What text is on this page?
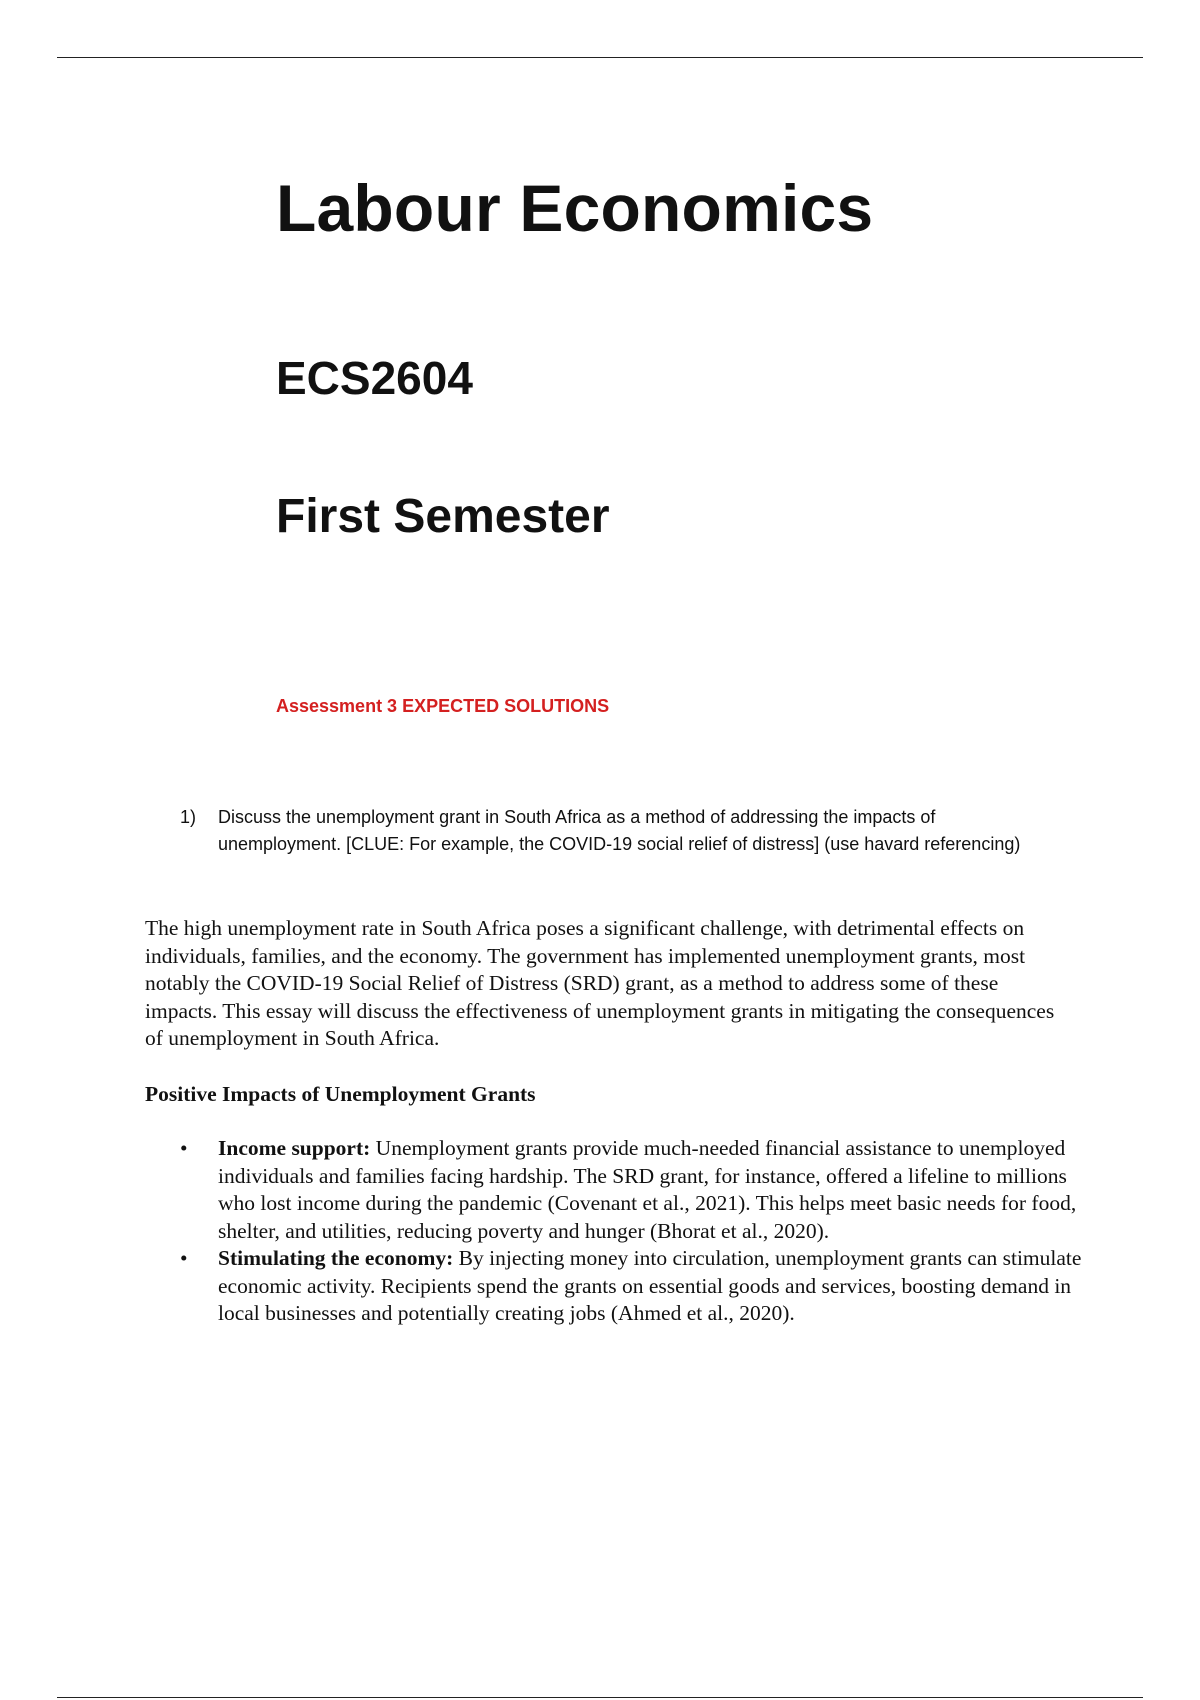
Labour Economics
ECS2604
First Semester

Assessment 3 EXPECTED SOLUTIONS

1) Discuss the unemployment grant in South Africa as a method of addressing the impacts of unemployment. [CLUE: For example, the COVID-19 social relief of distress] (use havard referencing)

The high unemployment rate in South Africa poses a significant challenge, with detrimental effects on individuals, families, and the economy. The government has implemented unemployment grants, most notably the COVID-19 Social Relief of Distress (SRD) grant, as a method to address some of these impacts. This essay will discuss the effectiveness of unemployment grants in mitigating the consequences of unemployment in South Africa.

Positive Impacts of Unemployment Grants
• Income support: Unemployment grants provide much-needed financial assistance to unemployed individuals and families facing hardship. The SRD grant, for instance, offered a lifeline to millions who lost income during the pandemic (Covenant et al., 2021). This helps meet basic needs for food, shelter, and utilities, reducing poverty and hunger (Bhorat et al., 2020).
• Stimulating the economy: By injecting money into circulation, unemployment grants can stimulate economic activity. Recipients spend the grants on essential goods and services, boosting demand in local businesses and potentially creating jobs (Ahmed et al., 2020).
